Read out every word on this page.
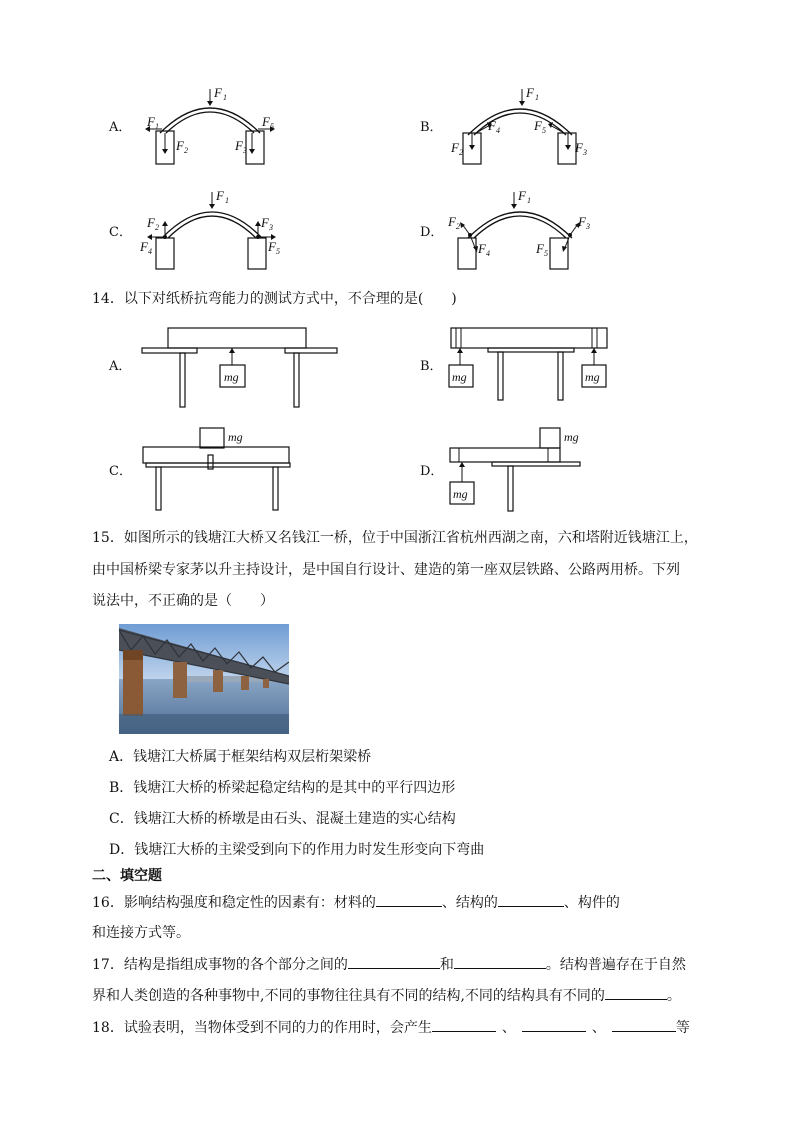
A．
F 1
F 1
F 2	F 3
F 5	B．
F 1
F 4	F 5
F 2	F 3
C．
F 1
F 2	F 3
F 4	F 5
D．
F 1
F 2	F 3
F 4	F 5
14．以下对纸桥抗弯能力的测试方式中，不合理的是(　　)
A．
mg
B．
mg	mg
C．
mg
D．
mg
mg
15．如图所示的钱塘江大桥又名钱江一桥，位于中国浙江省杭州西湖之南，六和塔附近钱塘江上，
由中国桥梁专家茅以升主持设计，是中国自行设计、建造的第一座双层铁路、公路两用桥。下列
说法中，不正确的是（　　）
A．钱塘江大桥属于框架结构双层桁架梁桥
B．钱塘江大桥的桥梁起稳定结构的是其中的平行四边形
C．钱塘江大桥的桥墩是由石头、混凝土建造的实心结构
D．钱塘江大桥的主梁受到向下的作用力时发生形变向下弯曲
二、填空题
16．影响结构强度和稳定性的因素有：材料的	、结构的	、构件的
和连接方式等。
17．结构是指组成事物的各个部分之间的	和	。结构普遍存在于自然
界和人类创造的各种事物中,不同的事物往往具有不同的结构,不同的结构具有不同的	。
18．试验表明，当物体受到不同的力的作用时，会产生	、	、	等
